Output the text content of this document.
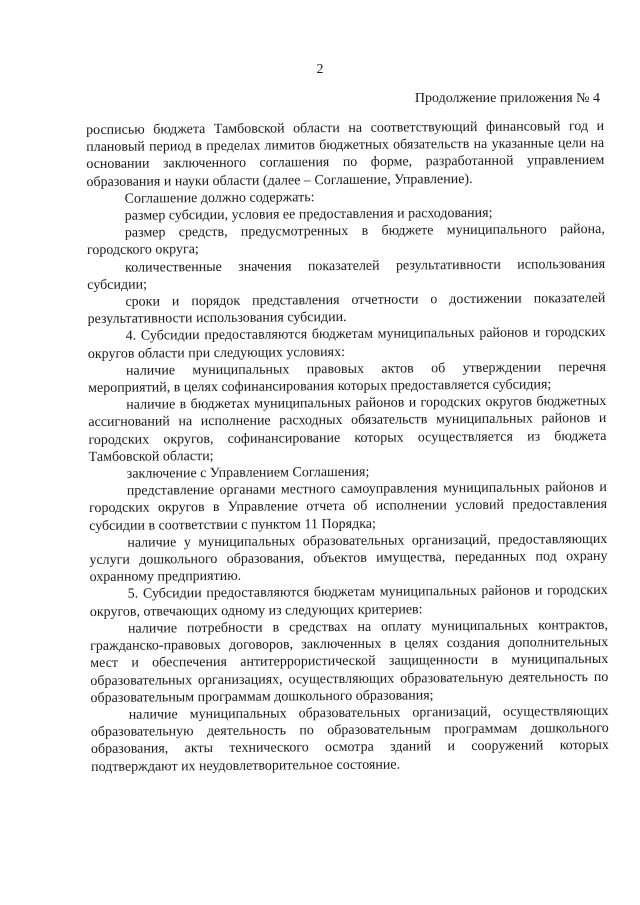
2
Продолжение приложения № 4

росписью бюджета Тамбовской области на соответствующий финансовый год и плановый период в пределах лимитов бюджетных обязательств на указанные цели на основании заключенного соглашения по форме, разработанной управлением образования и науки области (далее – Соглашение, Управление).

Соглашение должно содержать:

размер субсидии, условия ее предоставления и расходования;

размер средств, предусмотренных в бюджете муниципального района, городского округа;

количественные значения показателей результативности использования субсидии;

сроки и порядок представления отчетности о достижении показателей результативности использования субсидии.

4. Субсидии предоставляются бюджетам муниципальных районов и городских округов области при следующих условиях:

наличие муниципальных правовых актов об утверждении перечня мероприятий, в целях софинансирования которых предоставляется субсидия;

наличие в бюджетах муниципальных районов и городских округов бюджетных ассигнований на исполнение расходных обязательств муниципальных районов и городских округов, софинансирование которых осуществляется из бюджета Тамбовской области;

заключение с Управлением Соглашения;

представление органами местного самоуправления муниципальных районов и городских округов в Управление отчета об исполнении условий предоставления субсидии в соответствии с пунктом 11 Порядка;

наличие у муниципальных образовательных организаций, предоставляющих услуги дошкольного образования, объектов имущества, переданных под охрану охранному предприятию.

5. Субсидии предоставляются бюджетам муниципальных районов и городских округов, отвечающих одному из следующих критериев:

наличие потребности в средствах на оплату муниципальных контрактов, гражданско-правовых договоров, заключенных в целях создания дополнительных мест и обеспечения антитеррористической защищенности в муниципальных образовательных организациях, осуществляющих образовательную деятельность по образовательным программам дошкольного образования;

наличие муниципальных образовательных организаций, осуществляющих образовательную деятельность по образовательным программам дошкольного образования, акты технического осмотра зданий и сооружений которых подтверждают их неудовлетворительное состояние.
